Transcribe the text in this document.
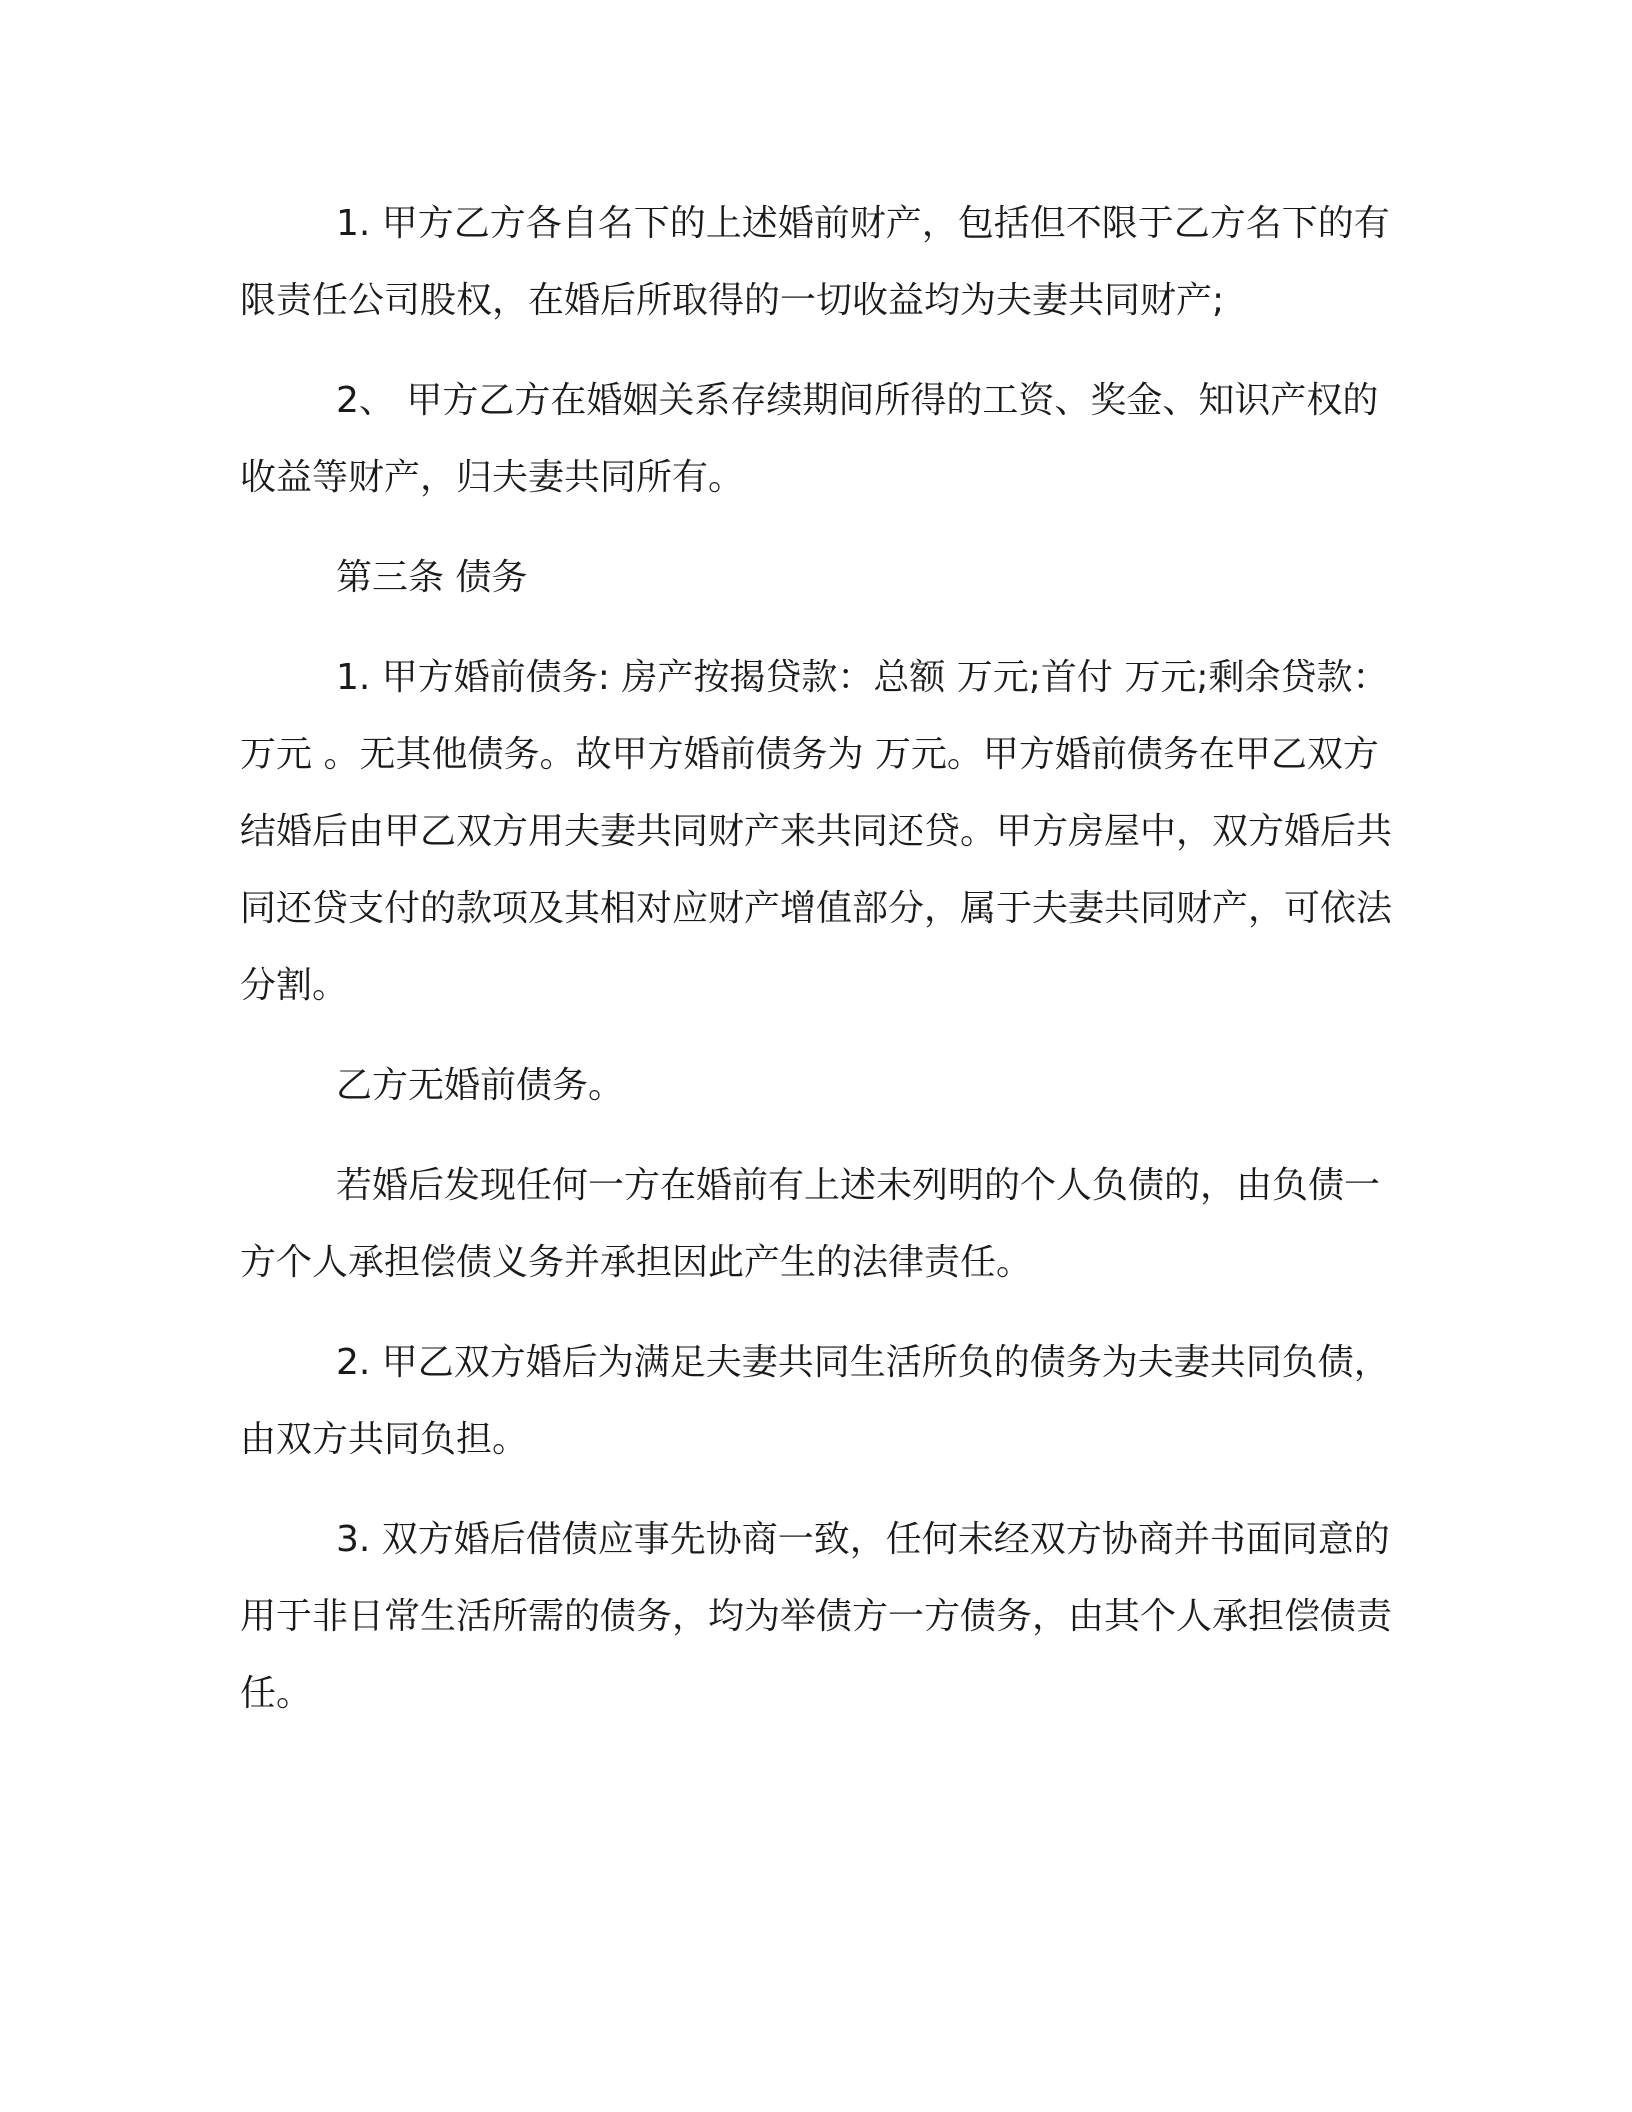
1. 甲方乙方各自名下的上述婚前财产，包括但不限于乙方名下的有限责任公司股权，在婚后所取得的一切收益均为夫妻共同财产;

2、 甲方乙方在婚姻关系存续期间所得的工资、奖金、知识产权的收益等财产，归夫妻共同所有。

第三条 债务

1. 甲方婚前债务: 房产按揭贷款：总额 万元;首付 万元;剩余贷款：万元 。无其他债务。故甲方婚前债务为 万元。甲方婚前债务在甲乙双方结婚后由甲乙双方用夫妻共同财产来共同还贷。甲方房屋中，双方婚后共同还贷支付的款项及其相对应财产增值部分，属于夫妻共同财产，可依法分割。

乙方无婚前债务。

若婚后发现任何一方在婚前有上述未列明的个人负债的，由负债一方个人承担偿债义务并承担因此产生的法律责任。

2. 甲乙双方婚后为满足夫妻共同生活所负的债务为夫妻共同负债，由双方共同负担。

3. 双方婚后借债应事先协商一致，任何未经双方协商并书面同意的用于非日常生活所需的债务，均为举债方一方债务，由其个人承担偿债责任。
